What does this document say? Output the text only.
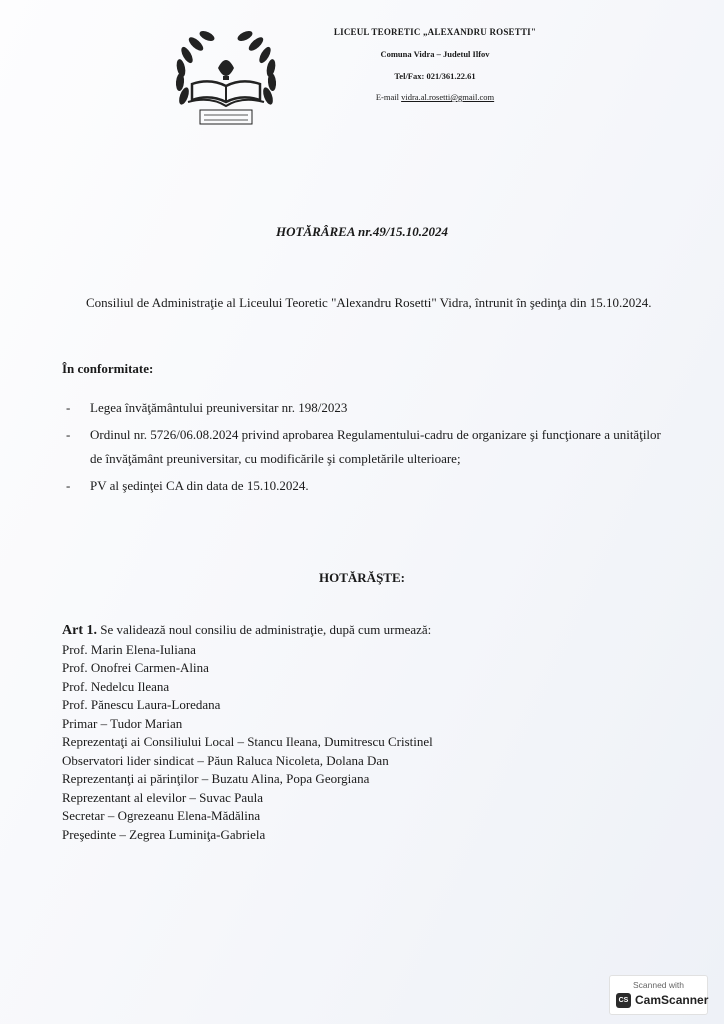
LICEUL TEORETIC „ALEXANDRU ROSETTI"
Comuna Vidra – Judetul Ilfov
Tel/Fax: 021/361.22.61
E-mail vidra.al.rosetti@gmail.com
HOTĂRÂREA nr.49/15.10.2024
Consiliul de Administraţie al Liceului Teoretic "Alexandru Rosetti" Vidra, întrunit în şedinţa din 15.10.2024.
În conformitate:
- Legea învăţământului preuniversitar nr. 198/2023
- Ordinul nr. 5726/06.08.2024 privind aprobarea Regulamentului-cadru de organizare şi funcţionare a unităţilor de învăţământ preuniversitar, cu modificările şi completările ulterioare;
- PV al şedinţei CA din data de 15.10.2024.
HOTĂRĂŞTE:
Art 1. Se validează noul consiliu de administraţie, după cum urmează:
Prof. Marin Elena-Iuliana
Prof. Onofrei Carmen-Alina
Prof. Nedelcu Ileana
Prof. Pănescu Laura-Loredana
Primar – Tudor Marian
Reprezentaţi ai Consiliului Local – Stancu Ileana, Dumitrescu Cristinel
Observatori lider sindicat – Păun Raluca Nicoleta, Dolana Dan
Reprezentanţi ai părinţilor – Buzatu Alina, Popa Georgiana
Reprezentant al elevilor – Suvac Paula
Secretar – Ogrezeanu Elena-Mădălina
Preşedinte – Zegrea Luminiţa-Gabriela
Scanned with
CS CamScanner
